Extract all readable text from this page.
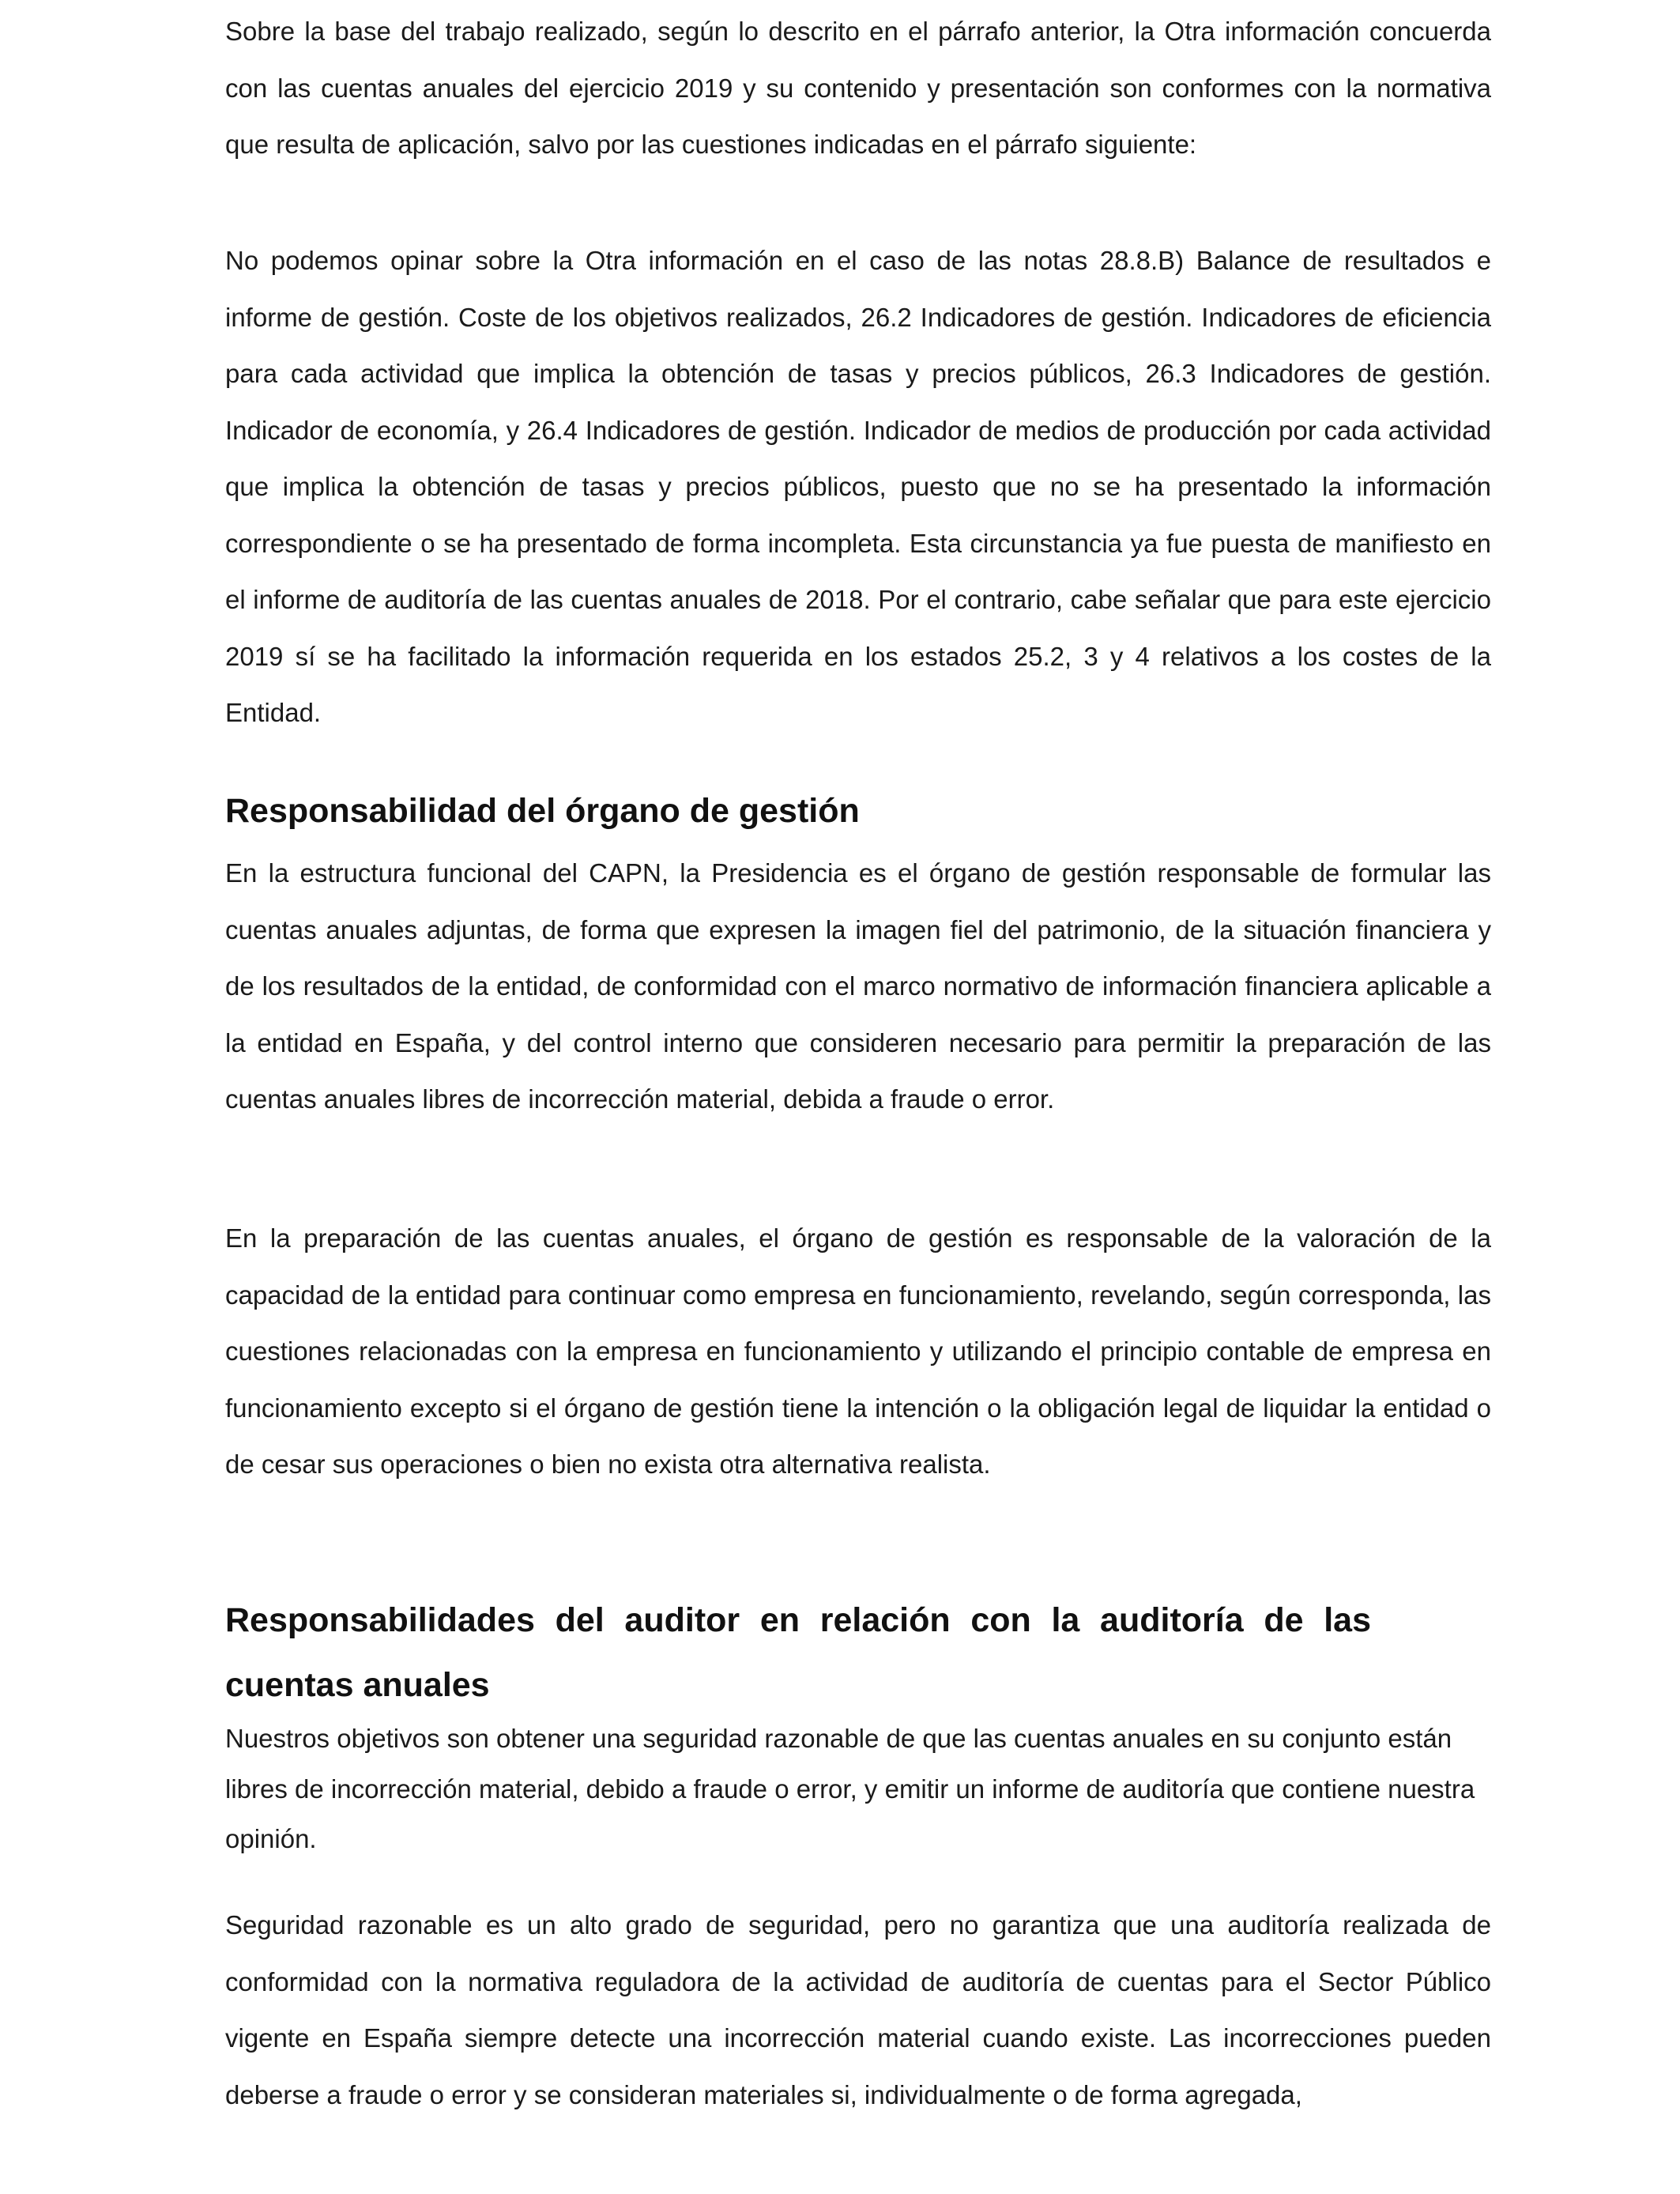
Sobre la base del trabajo realizado, según lo descrito en el párrafo anterior, la Otra información concuerda con las cuentas anuales del ejercicio 2019 y su contenido y presentación son conformes con la normativa que resulta de aplicación, salvo por las cuestiones indicadas en el párrafo siguiente:

No podemos opinar sobre la Otra información en el caso de las notas 28.8.B) Balance de resultados e informe de gestión. Coste de los objetivos realizados, 26.2 Indicadores de gestión. Indicadores de eficiencia para cada actividad que implica la obtención de tasas y precios públicos, 26.3 Indicadores de gestión. Indicador de economía, y 26.4 Indicadores de gestión. Indicador de medios de producción por cada actividad que implica la obtención de tasas y precios públicos, puesto que no se ha presentado la información correspondiente o se ha presentado de forma incompleta. Esta circunstancia ya fue puesta de manifiesto en el informe de auditoría de las cuentas anuales de 2018. Por el contrario, cabe señalar que para este ejercicio 2019 sí se ha facilitado la información requerida en los estados 25.2, 3 y 4 relativos a los costes de la Entidad.

Responsabilidad del órgano de gestión

En la estructura funcional del CAPN, la Presidencia es el órgano de gestión responsable de formular las cuentas anuales adjuntas, de forma que expresen la imagen fiel del patrimonio, de la situación financiera y de los resultados de la entidad, de conformidad con el marco normativo de información financiera aplicable a la entidad en España, y del control interno que consideren necesario para permitir la preparación de las cuentas anuales libres de incorrección material, debida a fraude o error.

En la preparación de las cuentas anuales, el órgano de gestión es responsable de la valoración de la capacidad de la entidad para continuar como empresa en funcionamiento, revelando, según corresponda, las cuestiones relacionadas con la empresa en funcionamiento y utilizando el principio contable de empresa en funcionamiento excepto si el órgano de gestión tiene la intención o la obligación legal de liquidar la entidad o de cesar sus operaciones o bien no exista otra alternativa realista.

Responsabilidades del auditor en relación con la auditoría de las cuentas anuales

Nuestros objetivos son obtener una seguridad razonable de que las cuentas anuales en su conjunto están libres de incorrección material, debido a fraude o error, y emitir un informe de auditoría que contiene nuestra opinión.

Seguridad razonable es un alto grado de seguridad, pero no garantiza que una auditoría realizada de conformidad con la normativa reguladora de la actividad de auditoría de cuentas para el Sector Público vigente en España siempre detecte una incorrección material cuando existe. Las incorrecciones pueden deberse a fraude o error y se consideran materiales si, individualmente o de forma agregada,
